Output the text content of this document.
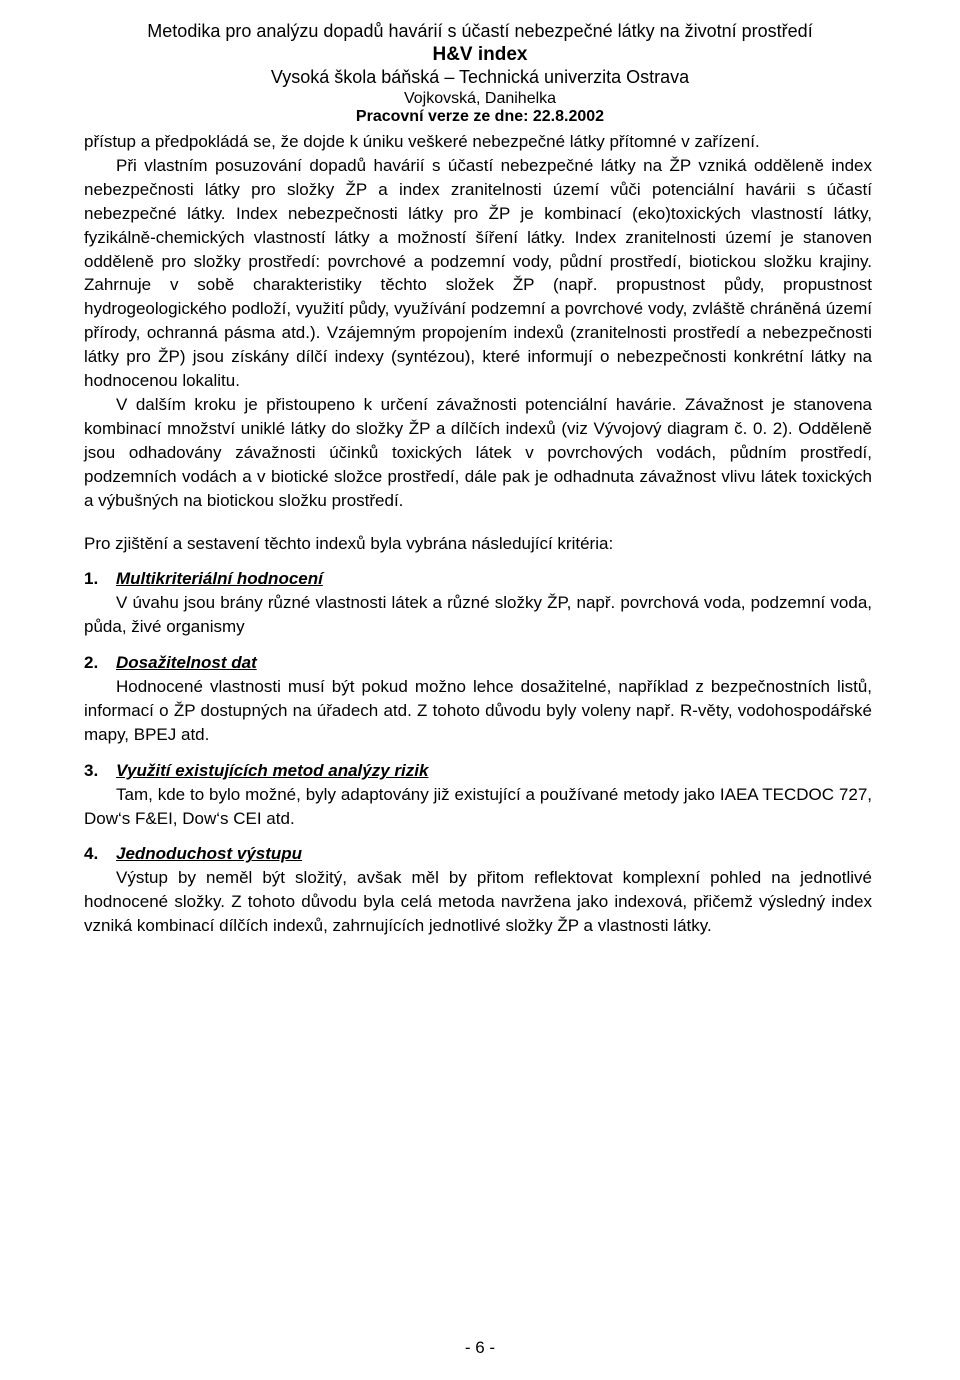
Metodika pro analýzu dopadů havárií s účastí nebezpečné látky na životní prostředí
H&V index
Vysoká škola báňská – Technická univerzita Ostrava
Vojkovská, Danihelka
Pracovní verze ze dne: 22.8.2002

přístup a předpokládá se, že dojde k úniku veškeré nebezpečné látky přítomné v zařízení.

Při vlastním posuzování dopadů havárií s účastí nebezpečné látky na ŽP vzniká odděleně index nebezpečnosti látky pro složky ŽP a index zranitelnosti území vůči potenciální havárii s účastí nebezpečné látky. Index nebezpečnosti látky pro ŽP je kombinací (eko)toxických vlastností látky, fyzikálně-chemických vlastností látky a možností šíření látky. Index zranitelnosti území je stanoven odděleně pro složky prostředí: povrchové a podzemní vody, půdní prostředí, biotickou složku krajiny. Zahrnuje v sobě charakteristiky těchto složek ŽP (např. propustnost půdy, propustnost hydrogeologického podloží, využití půdy, využívání podzemní a povrchové vody, zvláště chráněná území přírody, ochranná pásma atd.). Vzájemným propojením indexů (zranitelnosti prostředí a nebezpečnosti látky pro ŽP) jsou získány dílčí indexy (syntézou), které informují o nebezpečnosti konkrétní látky na hodnocenou lokalitu.

V dalším kroku je přistoupeno k určení závažnosti potenciální havárie. Závažnost je stanovena kombinací množství uniklé látky do složky ŽP a dílčích indexů (viz Vývojový diagram č. 0. 2). Odděleně jsou odhadovány závažnosti účinků toxických látek v povrchových vodách, půdním prostředí, podzemních vodách a v biotické složce prostředí, dále pak je odhadnuta závažnost vlivu látek toxických a výbušných na biotickou složku prostředí.

Pro zjištění a sestavení těchto indexů byla vybrána následující kritéria:

1. Multikriteriální hodnocení

V úvahu jsou brány různé vlastnosti látek a různé složky ŽP, např. povrchová voda, podzemní voda, půda, živé organismy

2. Dosažitelnost dat

Hodnocené vlastnosti musí být pokud možno lehce dosažitelné, například z bezpečnostních listů, informací o ŽP dostupných na úřadech atd. Z tohoto důvodu byly voleny např. R-věty, vodohospodářské mapy, BPEJ atd.

3. Využití existujících metod analýzy rizik

Tam, kde to bylo možné, byly adaptovány již existující a používané metody jako IAEA TECDOC 727, Dow‘s F&EI, Dow‘s CEI atd.

4. Jednoduchost výstupu

Výstup by neměl být složitý, avšak měl by přitom reflektovat komplexní pohled na jednotlivé hodnocené složky. Z tohoto důvodu byla celá metoda navržena jako indexová, přičemž výsledný index vzniká kombinací dílčích indexů, zahrnujících jednotlivé složky ŽP a vlastnosti látky.

- 6 -
